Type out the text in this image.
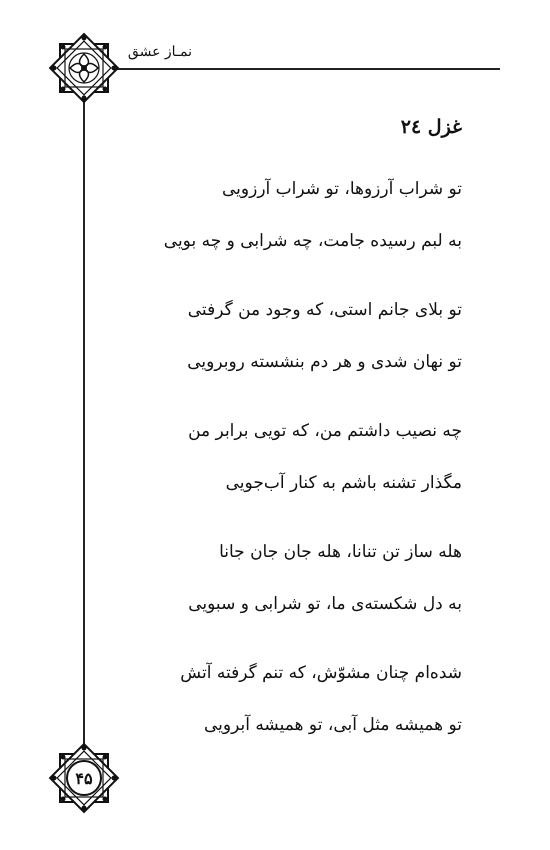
نمـاز عشق
۴۵
غزل ٢٤
تو شراب آرزوها، تو شراب آرزویی
به لبم رسیده جامت، چه شرابی و چه بویی
تو بلای جانم استی، که وجود من گرفتی
تو نهان شدی و هر دم بنشسته روبرویی
چه نصیب داشتم من، که تویی برابر من
مگذار تشنه باشم به کنار آب‌جویی
هله ساز تن تنانا، هله جان جان جانا
به دل شکسته‌ی ما، تو شرابی و سبویی
شده‌ام چنان مشوّش، که تنم گرفته آتش
تو همیشه مثل آبی، تو همیشه آبرویی
